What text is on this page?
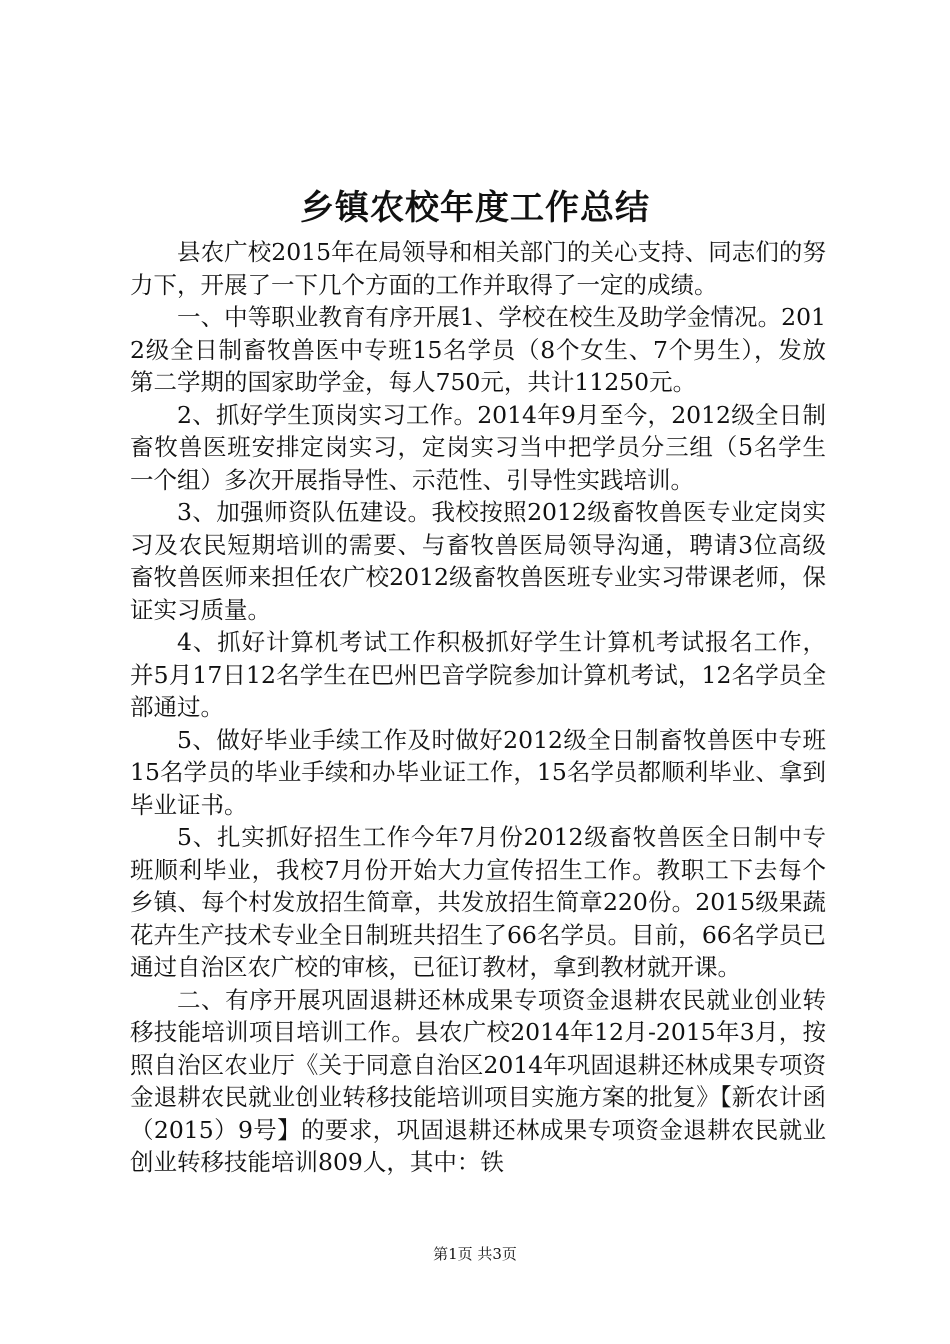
乡镇农校年度工作总结

县农广校2015年在局领导和相关部门的关心支持、同志们的努力下，开展了一下几个方面的工作并取得了一定的成绩。

一、中等职业教育有序开展1、学校在校生及助学金情况。2012级全日制畜牧兽医中专班15名学员（8个女生、7个男生），发放第二学期的国家助学金，每人750元，共计11250元。

2、抓好学生顶岗实习工作。2014年9月至今，2012级全日制畜牧兽医班安排定岗实习，定岗实习当中把学员分三组（5名学生一个组）多次开展指导性、示范性、引导性实践培训。

3、加强师资队伍建设。我校按照2012级畜牧兽医专业定岗实习及农民短期培训的需要、与畜牧兽医局领导沟通，聘请3位高级畜牧兽医师来担任农广校2012级畜牧兽医班专业实习带课老师，保证实习质量。

4、抓好计算机考试工作积极抓好学生计算机考试报名工作，并5月17日12名学生在巴州巴音学院参加计算机考试，12名学员全部通过。

5、做好毕业手续工作及时做好2012级全日制畜牧兽医中专班15名学员的毕业手续和办毕业证工作，15名学员都顺利毕业、拿到毕业证书。

5、扎实抓好招生工作今年7月份2012级畜牧兽医全日制中专班顺利毕业，我校7月份开始大力宣传招生工作。教职工下去每个乡镇、每个村发放招生简章，共发放招生简章220份。2015级果蔬花卉生产技术专业全日制班共招生了66名学员。目前，66名学员已通过自治区农广校的审核，已征订教材，拿到教材就开课。

二、有序开展巩固退耕还林成果专项资金退耕农民就业创业转移技能培训项目培训工作。县农广校2014年12月-2015年3月，按照自治区农业厅《关于同意自治区2014年巩固退耕还林成果专项资金退耕农民就业创业转移技能培训项目实施方案的批复》【新农计函（2015）9号】的要求，巩固退耕还林成果专项资金退耕农民就业创业转移技能培训809人，其中：铁

第1页 共3页
